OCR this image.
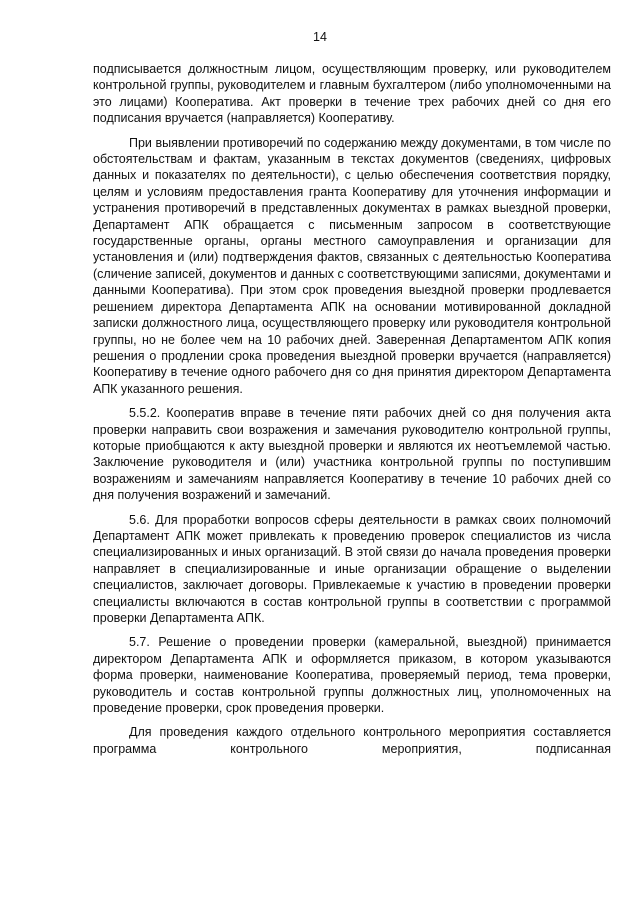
14

подписывается должностным лицом, осуществляющим проверку, или руководителем контрольной группы, руководителем и главным бухгалтером (либо уполномоченными на это лицами) Кооператива. Акт проверки в течение трех рабочих дней со дня его подписания вручается (направляется) Кооперативу.

При выявлении противоречий по содержанию между документами, в том числе по обстоятельствам и фактам, указанным в текстах документов (сведениях, цифровых данных и показателях по деятельности), с целью обеспечения соответствия порядку, целям и условиям предоставления гранта Кооперативу для уточнения информации и устранения противоречий в представленных документах в рамках выездной проверки, Департамент АПК обращается с письменным запросом в соответствующие государственные органы, органы местного самоуправления и организации для установления и (или) подтверждения фактов, связанных с деятельностью Кооператива (сличение записей, документов и данных с соответствующими записями, документами и данными Кооператива). При этом срок проведения выездной проверки продлевается решением директора Департамента АПК на основании мотивированной докладной записки должностного лица, осуществляющего проверку или руководителя контрольной группы, но не более чем на 10 рабочих дней. Заверенная Департаментом АПК копия решения о продлении срока проведения выездной проверки вручается (направляется) Кооперативу в течение одного рабочего дня со дня принятия директором Департамента АПК указанного решения.

5.5.2. Кооператив вправе в течение пяти рабочих дней со дня получения акта проверки направить свои возражения и замечания руководителю контрольной группы, которые приобщаются к акту выездной проверки и являются их неотъемлемой частью. Заключение руководителя и (или) участника контрольной группы по поступившим возражениям и замечаниям направляется Кооперативу в течение 10 рабочих дней со дня получения возражений и замечаний.

5.6. Для проработки вопросов сферы деятельности в рамках своих полномочий Департамент АПК может привлекать к проведению проверок специалистов из числа специализированных и иных организаций. В этой связи до начала проведения проверки направляет в специализированные и иные организации обращение о выделении специалистов, заключает договоры. Привлекаемые к участию в проведении проверки специалисты включаются в состав контрольной группы в соответствии с программой проверки Департамента АПК.

5.7. Решение о проведении проверки (камеральной, выездной) принимается директором Департамента АПК и оформляется приказом, в котором указываются форма проверки, наименование Кооператива, проверяемый период, тема проверки, руководитель и состав контрольной группы должностных лиц, уполномоченных на проведение проверки, срок проведения проверки.

Для проведения каждого отдельного контрольного мероприятия составляется программа контрольного мероприятия, подписанная
